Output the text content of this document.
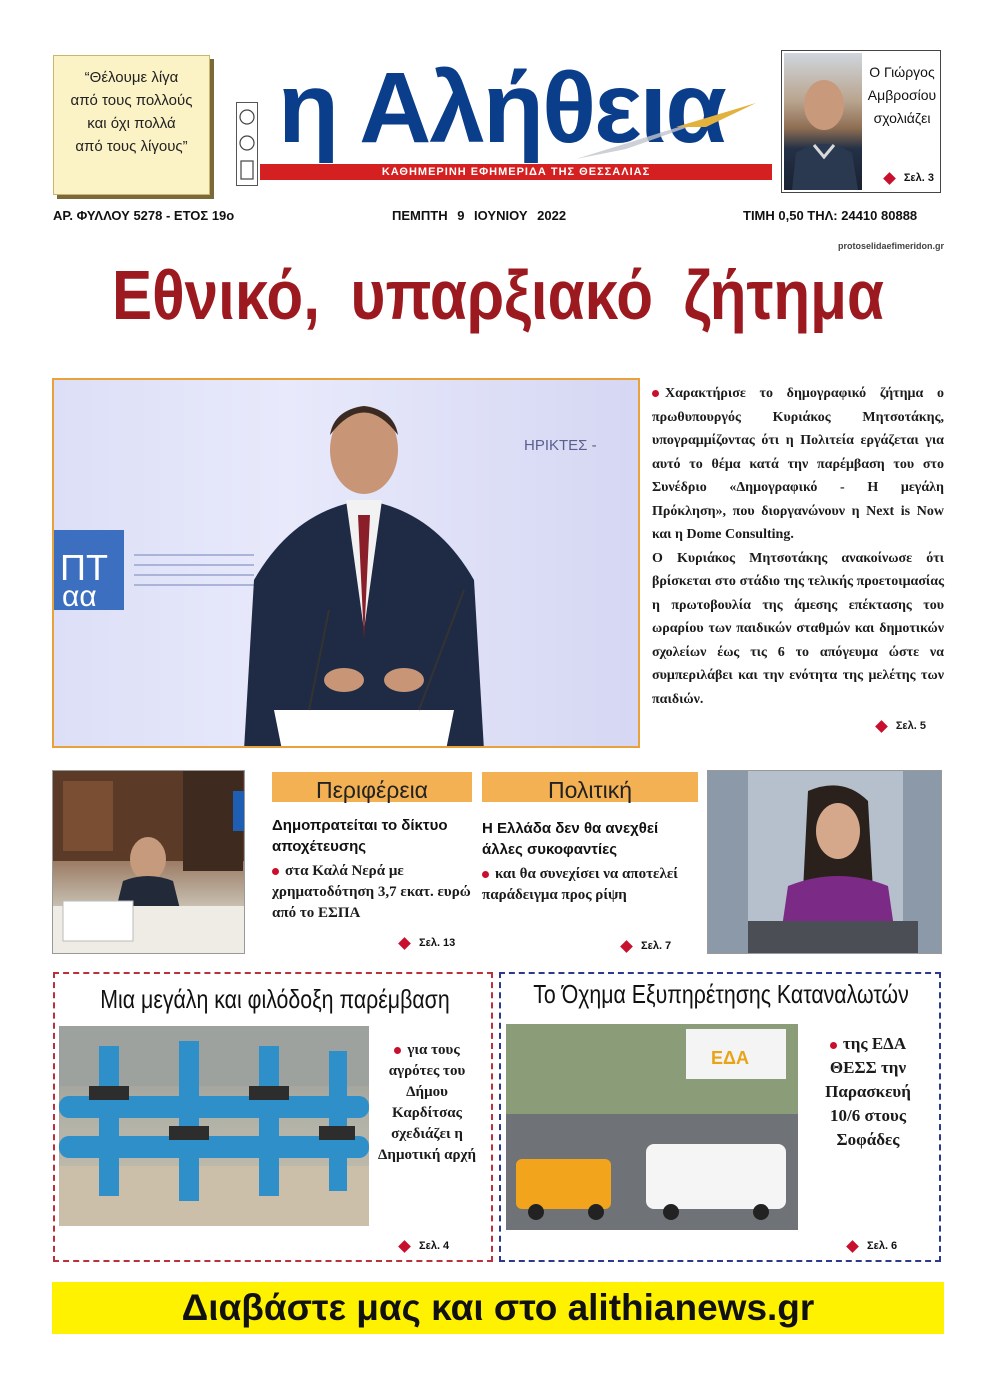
“Θέλουμε λίγα
από τους πολλούς
και όχι πολλά
από τους λίγους” η Αλήθεια
ΚΑΘΗΜΕΡΙΝΗ ΕΦΗΜΕΡΙΔΑ ΤΗΣ ΘΕΣΣΑΛΙΑΣ
Ο Γιώργος
Αμβροσίου
σχολιάζει
Σελ. 3
ΑΡ. ΦΥΛΛΟΥ 5278 - ΕΤΟΣ 19ο	ΠΕΜΠΤΗ 9 ΙΟΥΝΙΟΥ 2022	ΤΙΜΗ 0,50 ΤΗΛ: 24410 80888
protoselidaefimeridon.gr
Εθνικό, υπαρξιακό ζήτημα
ΗΡΙΚΤΕΣ -
ΠΤ
αα
Χαρακτήρισε το δημογραφικό ζήτημα ο πρωθυπουργός Κυριάκος Μητσοτάκης, υπογραμμίζοντας ότι η Πολιτεία εργάζεται για αυτό το θέμα κατά την παρέμβαση του στο Συνέδριο «Δημογραφικό - Η μεγάλη Πρόκληση», που διοργανώνουν η Next is Now και η Dome Consulting.
Ο Κυριάκος Μητσοτάκης ανακοίνωσε ότι βρίσκεται στο στάδιο της τελικής προετοιμασίας η πρωτοβουλία της άμεσης επέκτασης του ωραρίου των παιδικών σταθμών και δημοτικών σχολείων έως τις 6 το απόγευμα ώστε να συμπεριλάβει και την ενότητα της μελέτης των παιδιών.
Σελ. 5
Περιφέρεια
Δημοπρατείται το δίκτυο αποχέτευσης
στα Καλά Νερά με χρηματοδότηση 3,7 εκατ. ευρώ από το ΕΣΠΑ
Σελ. 13
Πολιτική
Η Ελλάδα δεν θα ανεχθεί άλλες συκοφαντίες
και θα συνεχίσει να αποτελεί παράδειγμα προς ρίψη
Σελ. 7
Μια μεγάλη και φιλόδοξη παρέμβαση
για τους αγρότες του Δήμου Καρδίτσας σχεδιάζει η Δημοτική αρχή
Σελ. 4
Το Όχημα Εξυπηρέτησης Καταναλωτών
ΕΔΑ
της ΕΔΑ ΘΕΣΣ την Παρασκευή 10/6 στους Σοφάδες
Σελ. 6
Διαβάστε μας και στο alithianews.gr
